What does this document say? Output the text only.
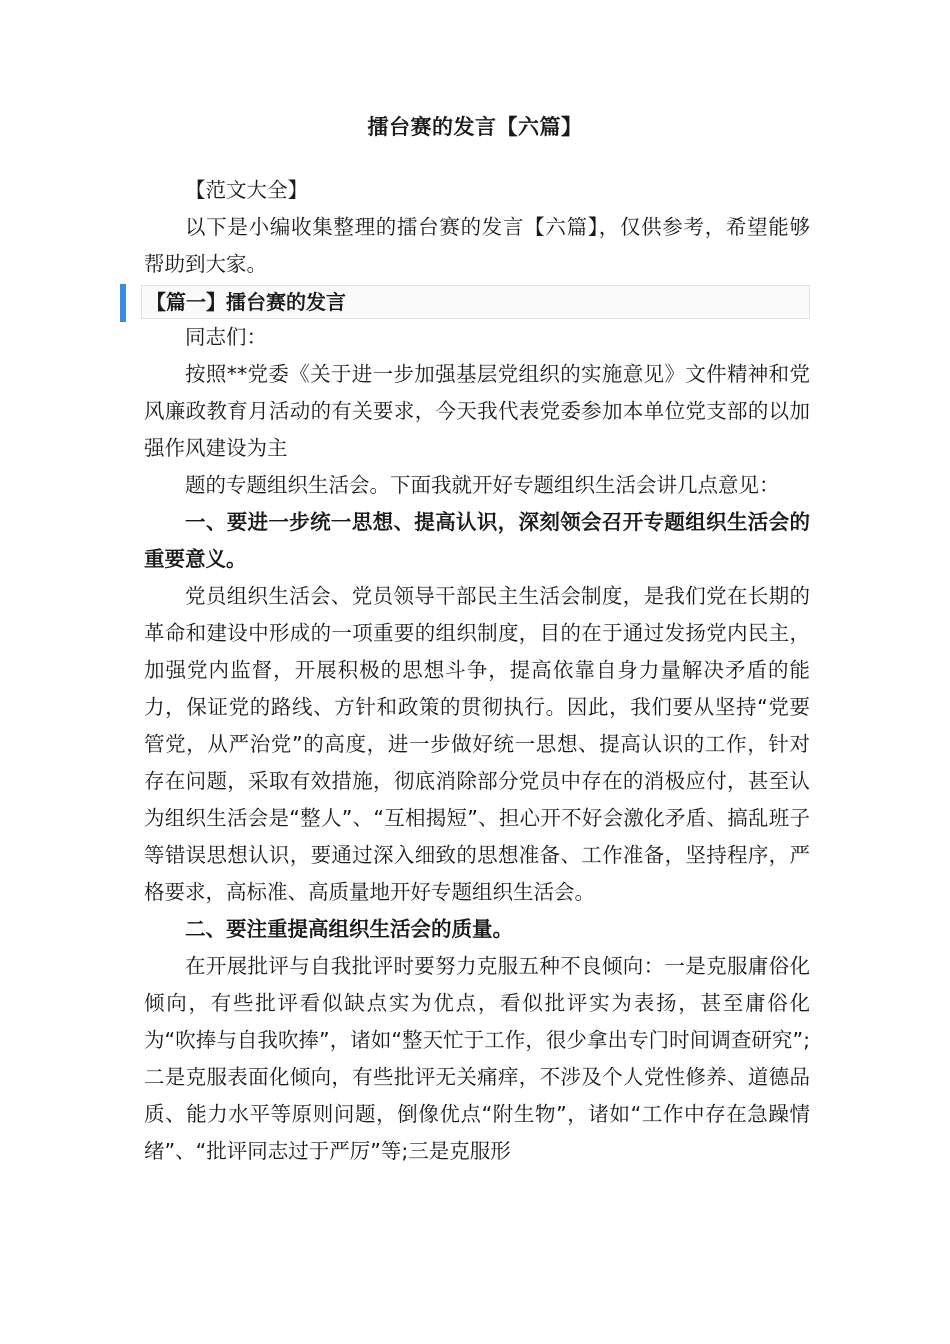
擂台赛的发言【六篇】

【范文大全】

以下是小编收集整理的擂台赛的发言【六篇】，仅供参考，希望能够帮助到大家。

【篇一】擂台赛的发言

同志们：

按照**党委《关于进一步加强基层党组织的实施意见》文件精神和党风廉政教育月活动的有关要求，今天我代表党委参加本单位党支部的以加强作风建设为主

题的专题组织生活会。下面我就开好专题组织生活会讲几点意见：

一、要进一步统一思想、提高认识，深刻领会召开专题组织生活会的重要意义。

党员组织生活会、党员领导干部民主生活会制度，是我们党在长期的革命和建设中形成的一项重要的组织制度，目的在于通过发扬党内民主，加强党内监督，开展积极的思想斗争，提高依靠自身力量解决矛盾的能力，保证党的路线、方针和政策的贯彻执行。因此，我们要从坚持“党要管党，从严治党”的高度，进一步做好统一思想、提高认识的工作，针对存在问题，采取有效措施，彻底消除部分党员中存在的消极应付，甚至认为组织生活会是“整人”、“互相揭短”、担心开不好会激化矛盾、搞乱班子等错误思想认识，要通过深入细致的思想准备、工作准备，坚持程序，严格要求，高标准、高质量地开好专题组织生活会。

二、要注重提高组织生活会的质量。

在开展批评与自我批评时要努力克服五种不良倾向：一是克服庸俗化倾向，有些批评看似缺点实为优点，看似批评实为表扬，甚至庸俗化为“吹捧与自我吹捧”，诸如“整天忙于工作，很少拿出专门时间调查研究”;二是克服表面化倾向，有些批评无关痛痒，不涉及个人党性修养、道德品质、能力水平等原则问题，倒像优点“附生物”，诸如“工作中存在急躁情绪”、“批评同志过于严厉”等;三是克服形
